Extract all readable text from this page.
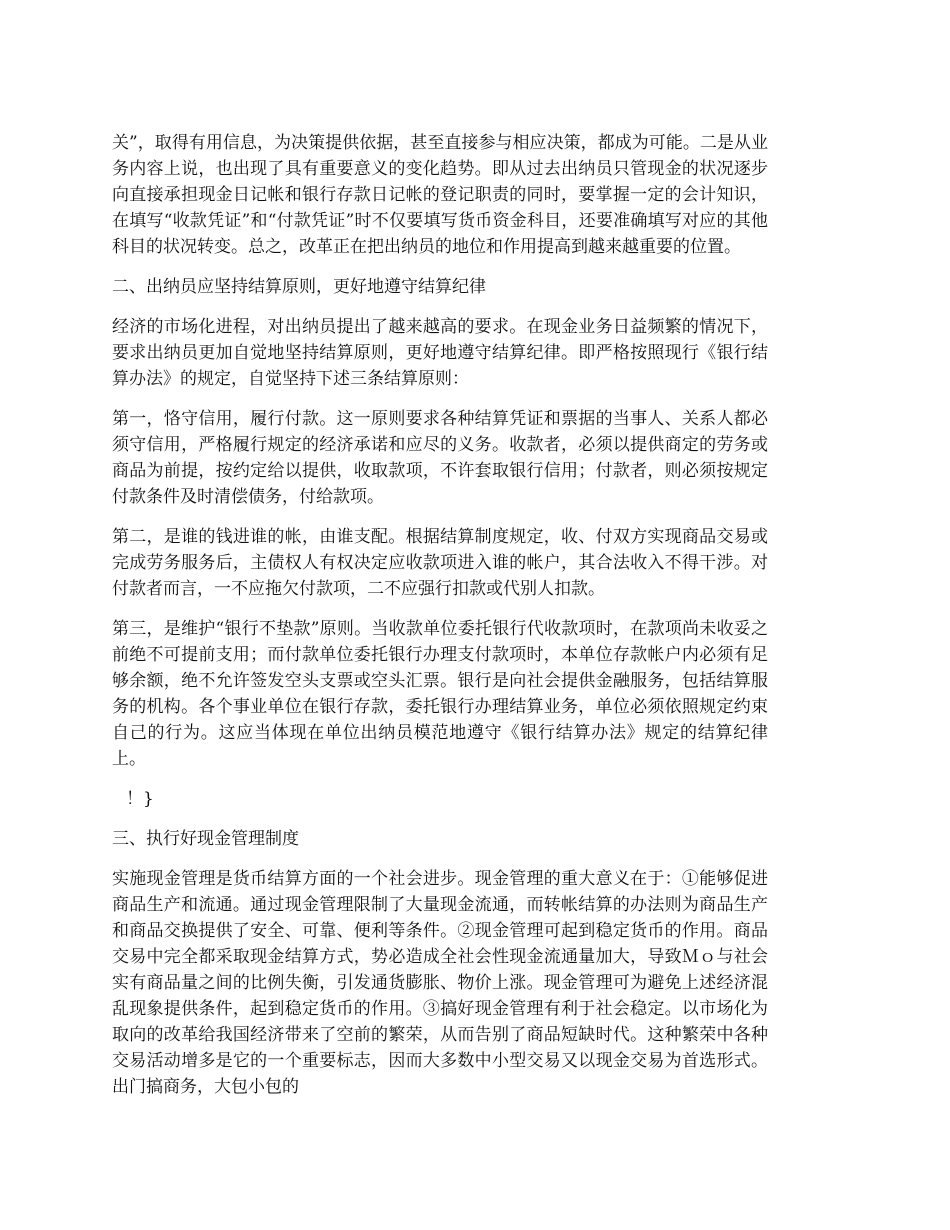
关”，取得有用信息，为决策提供依据，甚至直接参与相应决策，都成为可能。二是从业务内容上说，也出现了具有重要意义的变化趋势。即从过去出纳员只管现金的状况逐步向直接承担现金日记帐和银行存款日记帐的登记职责的同时，要掌握一定的会计知识，在填写“收款凭证”和“付款凭证”时不仅要填写货币资金科目，还要准确填写对应的其他科目的状况转变。总之，改革正在把出纳员的地位和作用提高到越来越重要的位置。

二、出纳员应坚持结算原则，更好地遵守结算纪律

经济的市场化进程，对出纳员提出了越来越高的要求。在现金业务日益频繁的情况下，要求出纳员更加自觉地坚持结算原则，更好地遵守结算纪律。即严格按照现行《银行结算办法》的规定，自觉坚持下述三条结算原则：

第一，恪守信用，履行付款。这一原则要求各种结算凭证和票据的当事人、关系人都必须守信用，严格履行规定的经济承诺和应尽的义务。收款者，必须以提供商定的劳务或商品为前提，按约定给以提供，收取款项，不许套取银行信用；付款者，则必须按规定付款条件及时清偿债务，付给款项。

第二，是谁的钱进谁的帐，由谁支配。根据结算制度规定，收、付双方实现商品交易或完成劳务服务后，主债权人有权决定应收款项进入谁的帐户，其合法收入不得干涉。对付款者而言，一不应拖欠付款项，二不应强行扣款或代别人扣款。

第三，是维护“银行不垫款”原则。当收款单位委托银行代收款项时，在款项尚未收妥之前绝不可提前支用；而付款单位委托银行办理支付款项时，本单位存款帐户内必须有足够余额，绝不允许签发空头支票或空头汇票。银行是向社会提供金融服务，包括结算服务的机构。各个事业单位在银行存款，委托银行办理结算业务，单位必须依照规定约束自己的行为。这应当体现在单位出纳员模范地遵守《银行结算办法》规定的结算纪律上。

！}

三、执行好现金管理制度

实施现金管理是货币结算方面的一个社会进步。现金管理的重大意义在于：①能够促进商品生产和流通。通过现金管理限制了大量现金流通，而转帐结算的办法则为商品生产和商品交换提供了安全、可靠、便利等条件。②现金管理可起到稳定货币的作用。商品交易中完全都采取现金结算方式，势必造成全社会性现金流通量加大，导致Ｍｏ与社会实有商品量之间的比例失衡，引发通货膨胀、物价上涨。现金管理可为避免上述经济混乱现象提供条件，起到稳定货币的作用。③搞好现金管理有利于社会稳定。以市场化为取向的改革给我国经济带来了空前的繁荣，从而告别了商品短缺时代。这种繁荣中各种交易活动增多是它的一个重要标志，因而大多数中小型交易又以现金交易为首选形式。出门搞商务，大包小包的
